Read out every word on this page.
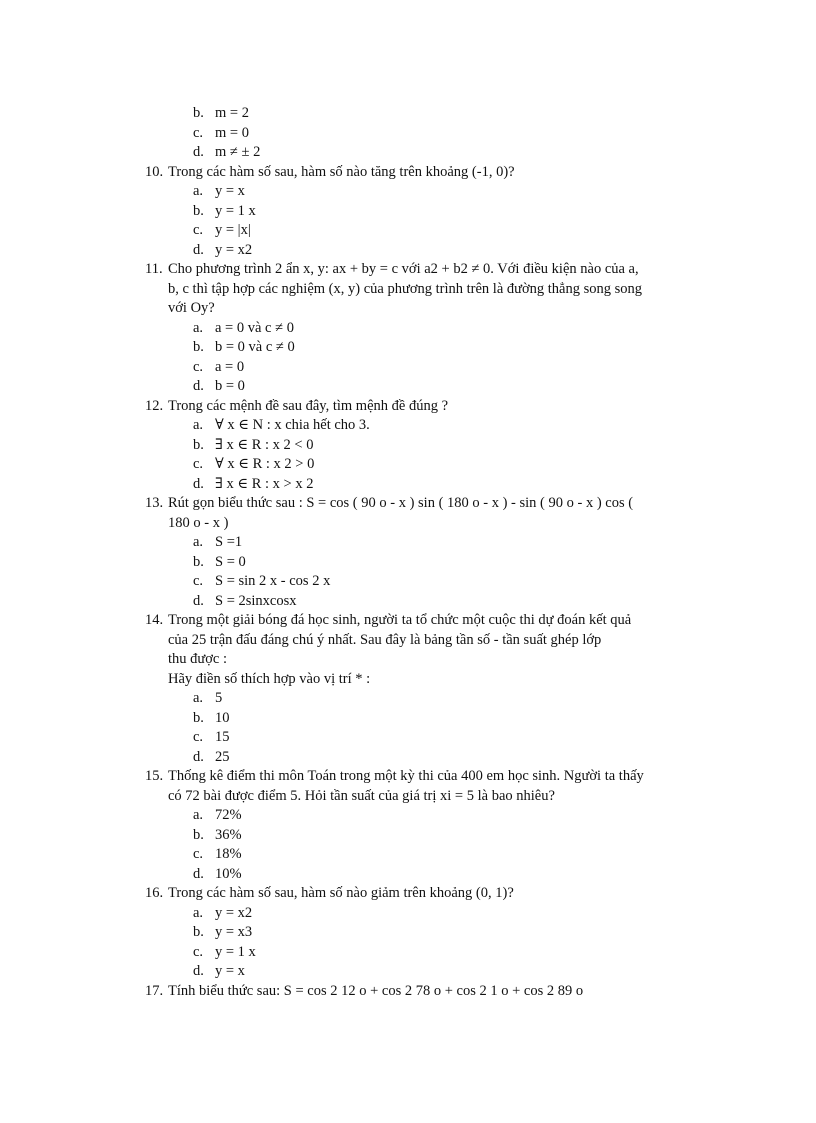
b. m = 2
c. m = 0
d. m ≠ ± 2
10. Trong các hàm số sau, hàm số nào tăng trên khoảng (-1, 0)?
a. y = x
b. y = 1 x
c. y = |x|
d. y = x2
11. Cho phương trình 2 ẩn x, y: ax + by = c với a2 + b2 ≠ 0. Với điều kiện nào của a,
b, c thì tập hợp các nghiệm (x, y) của phương trình trên là đường thẳng song song
với Oy?
a. a = 0 và c ≠ 0
b. b = 0 và c ≠ 0
c. a = 0
d. b = 0
12. Trong các mệnh đề sau đây, tìm mệnh đề đúng ?
a. ∀ x ∈ N : x chia hết cho 3.
b. ∃ x ∈ R : x 2 < 0
c. ∀ x ∈ R : x 2 > 0
d. ∃ x ∈ R : x > x 2
13. Rút gọn biểu thức sau : S = cos ( 90 o - x ) sin ( 180 o - x ) - sin ( 90 o - x ) cos (
180 o - x )
a. S =1
b. S = 0
c. S = sin 2 x - cos 2 x
d. S = 2sinxcosx
14. Trong một giải bóng đá học sinh, người ta tổ chức một cuộc thi dự đoán kết quả
của 25 trận đấu đáng chú ý nhất. Sau đây là bảng tần số - tần suất ghép lớp
thu được :
Hãy điền số thích hợp vào vị trí * :
a. 5
b. 10
c. 15
d. 25
15. Thống kê điểm thi môn Toán trong một kỳ thi của 400 em học sinh. Người ta thấy
có 72 bài được điểm 5. Hỏi tần suất của giá trị xi = 5 là bao nhiêu?
a. 72%
b. 36%
c. 18%
d. 10%
16. Trong các hàm số sau, hàm số nào giảm trên khoảng (0, 1)?
a. y = x2
b. y = x3
c. y = 1 x
d. y = x
17. Tính biểu thức sau: S = cos 2 12 o + cos 2 78 o + cos 2 1 o + cos 2 89 o
